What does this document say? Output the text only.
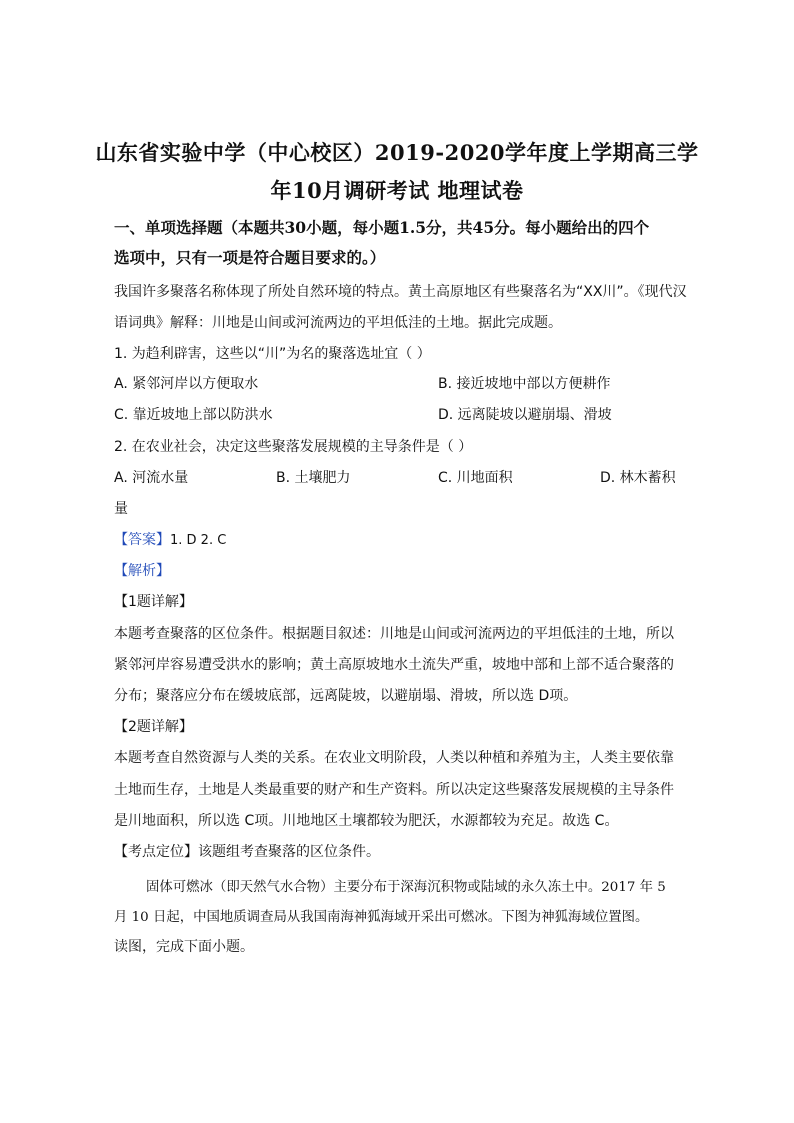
山东省实验中学（中心校区）2019-2020学年度上学期高三学
年10月调研考试 地理试卷
一、单项选择题（本题共30小题，每小题1.5分，共45分。每小题给出的四个
选项中，只有一项是符合题目要求的。）
我国许多聚落名称体现了所处自然环境的特点。黄土高原地区有些聚落名为“XX川”。《现代汉
语词典》解释：川地是山间或河流两边的平坦低洼的土地。据此完成题。
1. 为趋利辟害，这些以“川”为名的聚落选址宜（ ）
A. 紧邻河岸以方便取水	B. 接近坡地中部以方便耕作
C. 靠近坡地上部以防洪水	D. 远离陡坡以避崩塌、滑坡
2. 在农业社会，决定这些聚落发展规模的主导条件是（ ）
A. 河流水量	B. 土壤肥力	C. 川地面积	D. 林木蓄积
量
【答案】1. D 2. C
【解析】
【1题详解】
本题考查聚落的区位条件。根据题目叙述：川地是山间或河流两边的平坦低洼的土地，所以
紧邻河岸容易遭受洪水的影响；黄土高原坡地水土流失严重，坡地中部和上部不适合聚落的
分布；聚落应分布在缓坡底部，远离陡坡，以避崩塌、滑坡，所以选 D项。
【2题详解】
本题考查自然资源与人类的关系。在农业文明阶段，人类以种植和养殖为主，人类主要依靠
土地而生存，土地是人类最重要的财产和生产资料。所以决定这些聚落发展规模的主导条件
是川地面积，所以选 C项。川地地区土壤都较为肥沃，水源都较为充足。故选 C。
【考点定位】该题组考查聚落的区位条件。
固体可燃冰（即天然气水合物）主要分布于深海沉积物或陆域的永久冻土中。2017 年 5
月 10 日起，中国地质调查局从我国南海神狐海域开采出可燃冰。下图为神狐海域位置图。
读图，完成下面小题。
